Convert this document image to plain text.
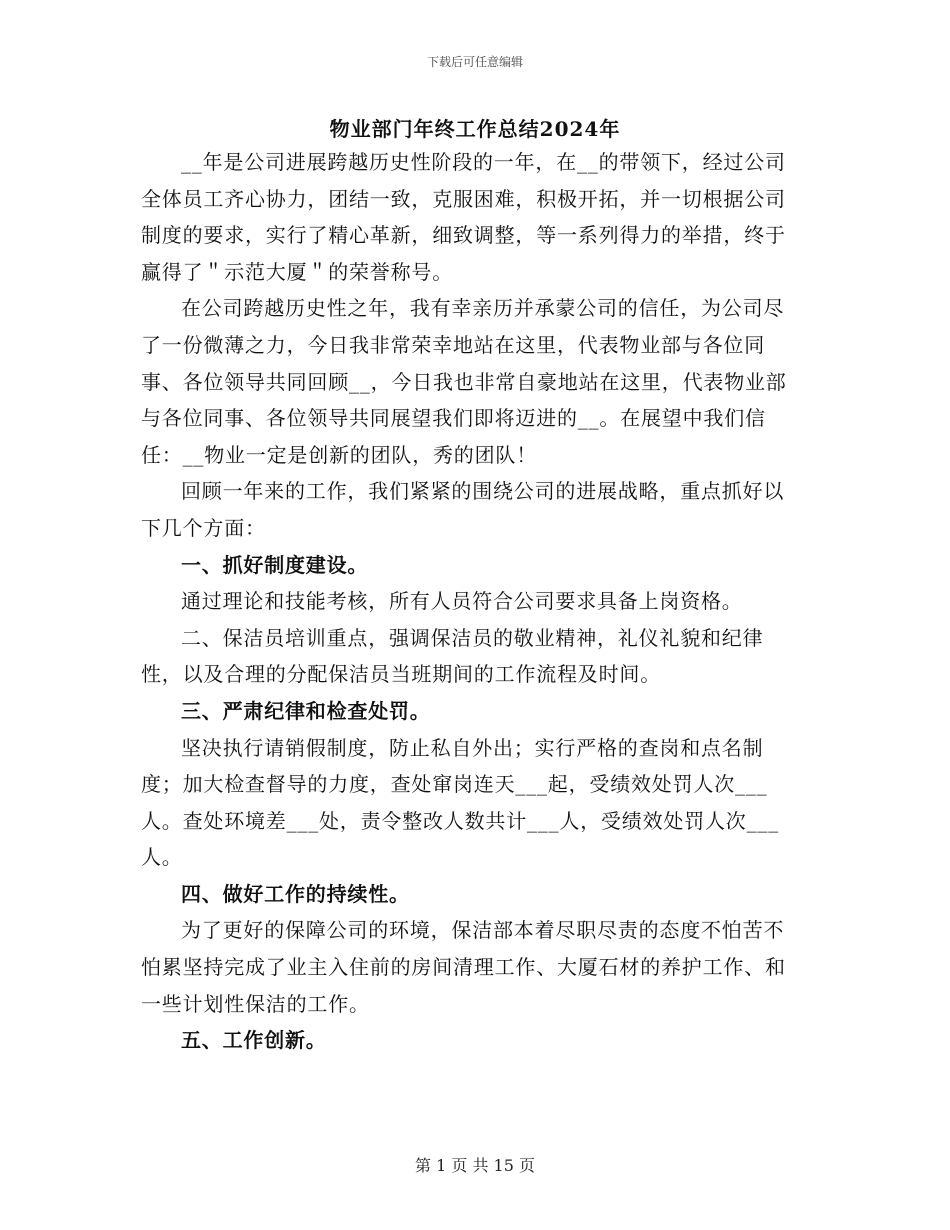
下载后可任意编辑
物业部门年终工作总结2024年

__年是公司进展跨越历史性阶段的一年，在__的带领下，经过公司全体员工齐心协力，团结一致，克服困难，积极开拓，并一切根据公司制度的要求，实行了精心革新，细致调整，等一系列得力的举措，终于赢得了＂示范大厦＂的荣誉称号。

在公司跨越历史性之年，我有幸亲历并承蒙公司的信任，为公司尽了一份微薄之力，今日我非常荣幸地站在这里，代表物业部与各位同事、各位领导共同回顾__，今日我也非常自豪地站在这里，代表物业部与各位同事、各位领导共同展望我们即将迈进的__。在展望中我们信任：__物业一定是创新的团队，秀的团队！

回顾一年来的工作，我们紧紧的围绕公司的进展战略，重点抓好以下几个方面：

一、抓好制度建设。

通过理论和技能考核，所有人员符合公司要求具备上岗资格。

二、保洁员培训重点，强调保洁员的敬业精神，礼仪礼貌和纪律性，以及合理的分配保洁员当班期间的工作流程及时间。

三、严肃纪律和检查处罚。

坚决执行请销假制度，防止私自外出；实行严格的查岗和点名制度；加大检查督导的力度，查处窜岗连天___起，受绩效处罚人次___人。查处环境差___处，责令整改人数共计___人，受绩效处罚人次___人。

四、做好工作的持续性。

为了更好的保障公司的环境，保洁部本着尽职尽责的态度不怕苦不怕累坚持完成了业主入住前的房间清理工作、大厦石材的养护工作、和一些计划性保洁的工作。

五、工作创新。

第 1 页 共 15 页
